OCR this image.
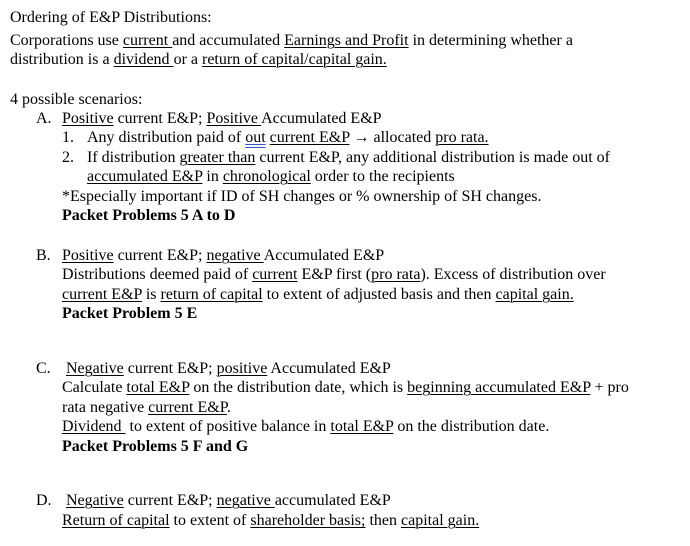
Ordering of E&P Distributions:
Corporations use current and accumulated Earnings and Profit in determining whether a
distribution is a dividend or a return of capital/capital gain.
4 possible scenarios:
A. Positive current E&P; Positive Accumulated E&P
1. Any distribution paid of out current E&P → allocated pro rata.
2. If distribution greater than current E&P, any additional distribution is made out of
accumulated E&P in chronological order to the recipients
*Especially important if ID of SH changes or % ownership of SH changes.
Packet Problems 5 A to D
B. Positive current E&P; negative Accumulated E&P
Distributions deemed paid of current E&P first (pro rata). Excess of distribution over
current E&P is return of capital to extent of adjusted basis and then capital gain.
Packet Problem 5 E
C. Negative current E&P; positive Accumulated E&P
Calculate total E&P on the distribution date, which is beginning accumulated E&P + pro
rata negative current E&P.
Dividend  to extent of positive balance in total E&P on the distribution date.
Packet Problems 5 F and G
D. Negative current E&P; negative accumulated E&P
Return of capital to extent of shareholder basis; then capital gain.
